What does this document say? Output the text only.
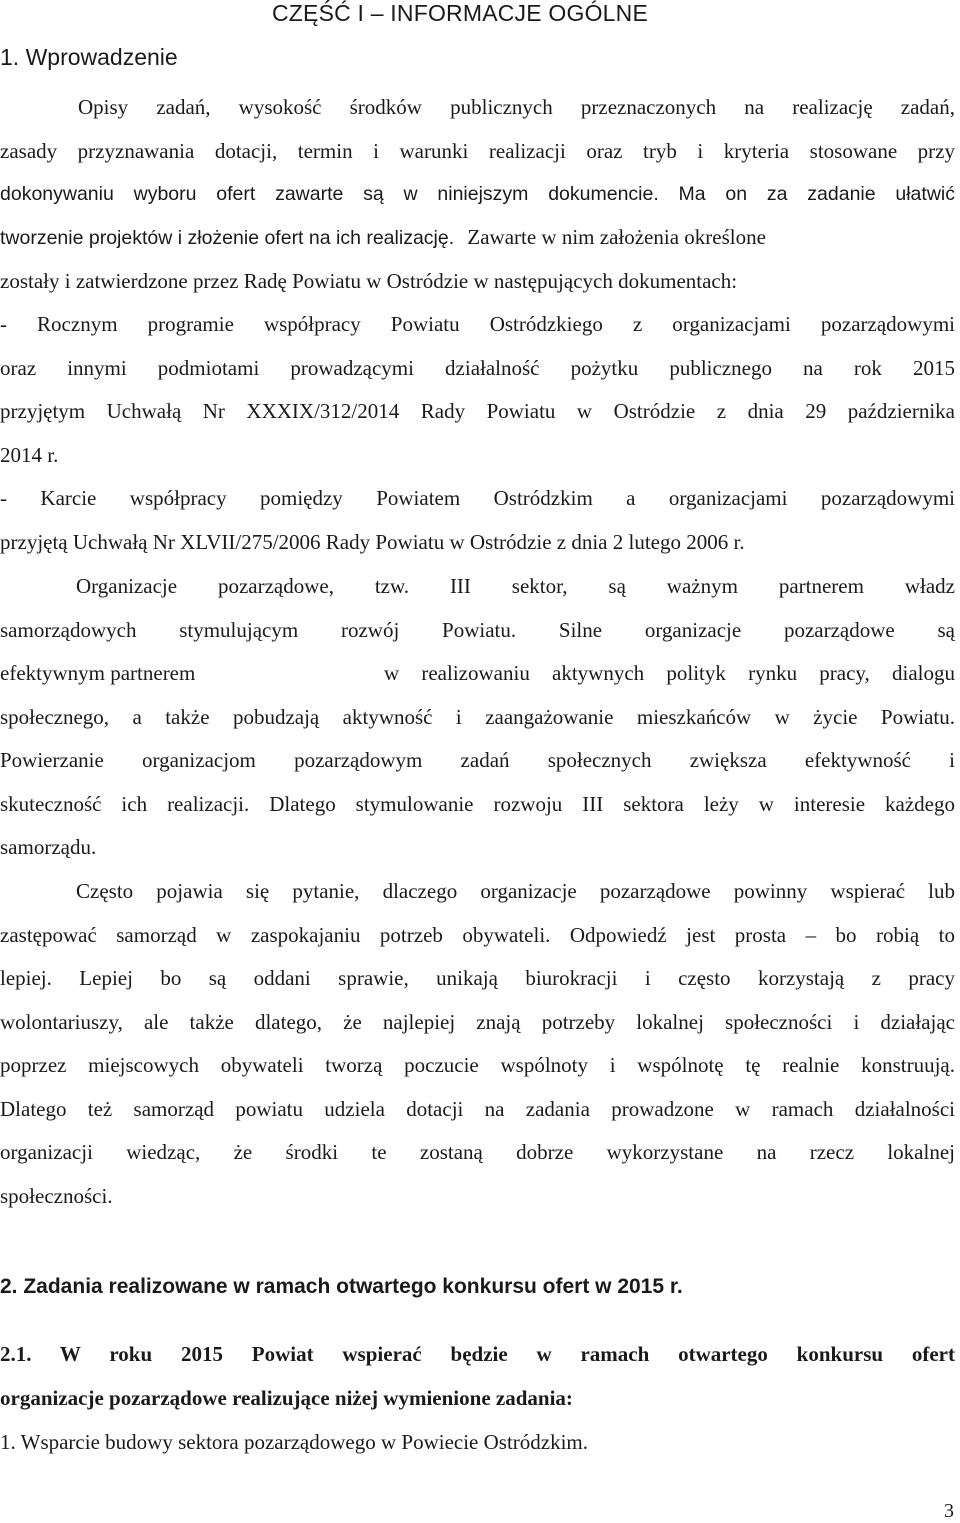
CZĘŚĆ I – INFORMACJE OGÓLNE
1. Wprowadzenie
Opisy zadań, wysokość środków publicznych przeznaczonych na realizację zadań,
zasady przyznawania dotacji, termin i warunki realizacji oraz tryb i kryteria stosowane przy
dokonywaniu wyboru ofert zawarte są w niniejszym dokumencie. Ma on za zadanie ułatwić
tworzenie projektów i złożenie ofert na ich realizację. Zawarte w nim założenia określone
zostały i zatwierdzone przez Radę Powiatu w Ostródzie w następujących dokumentach:
- Rocznym programie współpracy Powiatu Ostródzkiego z organizacjami pozarządowymi
oraz innymi podmiotami prowadzącymi działalność pożytku publicznego na rok 2015
przyjętym Uchwałą Nr XXXIX/312/2014 Rady Powiatu w Ostródzie z dnia 29 października
2014 r.
- Karcie współpracy pomiędzy Powiatem Ostródzkim a organizacjami pozarządowymi
przyjętą Uchwałą Nr XLVII/275/2006 Rady Powiatu w Ostródzie z dnia 2 lutego 2006 r.
Organizacje pozarządowe, tzw. III sektor, są ważnym partnerem władz
samorządowych stymulującym rozwój Powiatu. Silne organizacje pozarządowe są
efektywnym partnerem	w realizowaniu aktywnych polityk rynku pracy, dialogu
społecznego, a także pobudzają aktywność i zaangażowanie mieszkańców w życie Powiatu.
Powierzanie organizacjom pozarządowym zadań społecznych zwiększa efektywność i
skuteczność ich realizacji. Dlatego stymulowanie rozwoju III sektora leży w interesie każdego
samorządu.
Często pojawia się pytanie, dlaczego organizacje pozarządowe powinny wspierać lub
zastępować samorząd w zaspokajaniu potrzeb obywateli. Odpowiedź jest prosta – bo robią to
lepiej. Lepiej bo są oddani sprawie, unikają biurokracji i często korzystają z pracy
wolontariuszy, ale także dlatego, że najlepiej znają potrzeby lokalnej społeczności i działając
poprzez miejscowych obywateli tworzą poczucie wspólnoty i wspólnotę tę realnie konstruują.
Dlatego też samorząd powiatu udziela dotacji na zadania prowadzone w ramach działalności
organizacji wiedząc, że środki te zostaną dobrze wykorzystane na rzecz lokalnej
społeczności.
2. Zadania realizowane w ramach otwartego konkursu ofert w 2015 r.
2.1. W roku 2015 Powiat wspierać będzie w ramach otwartego konkursu ofert
organizacje pozarządowe realizujące niżej wymienione zadania:
1. Wsparcie budowy sektora pozarządowego w Powiecie Ostródzkim.
3
